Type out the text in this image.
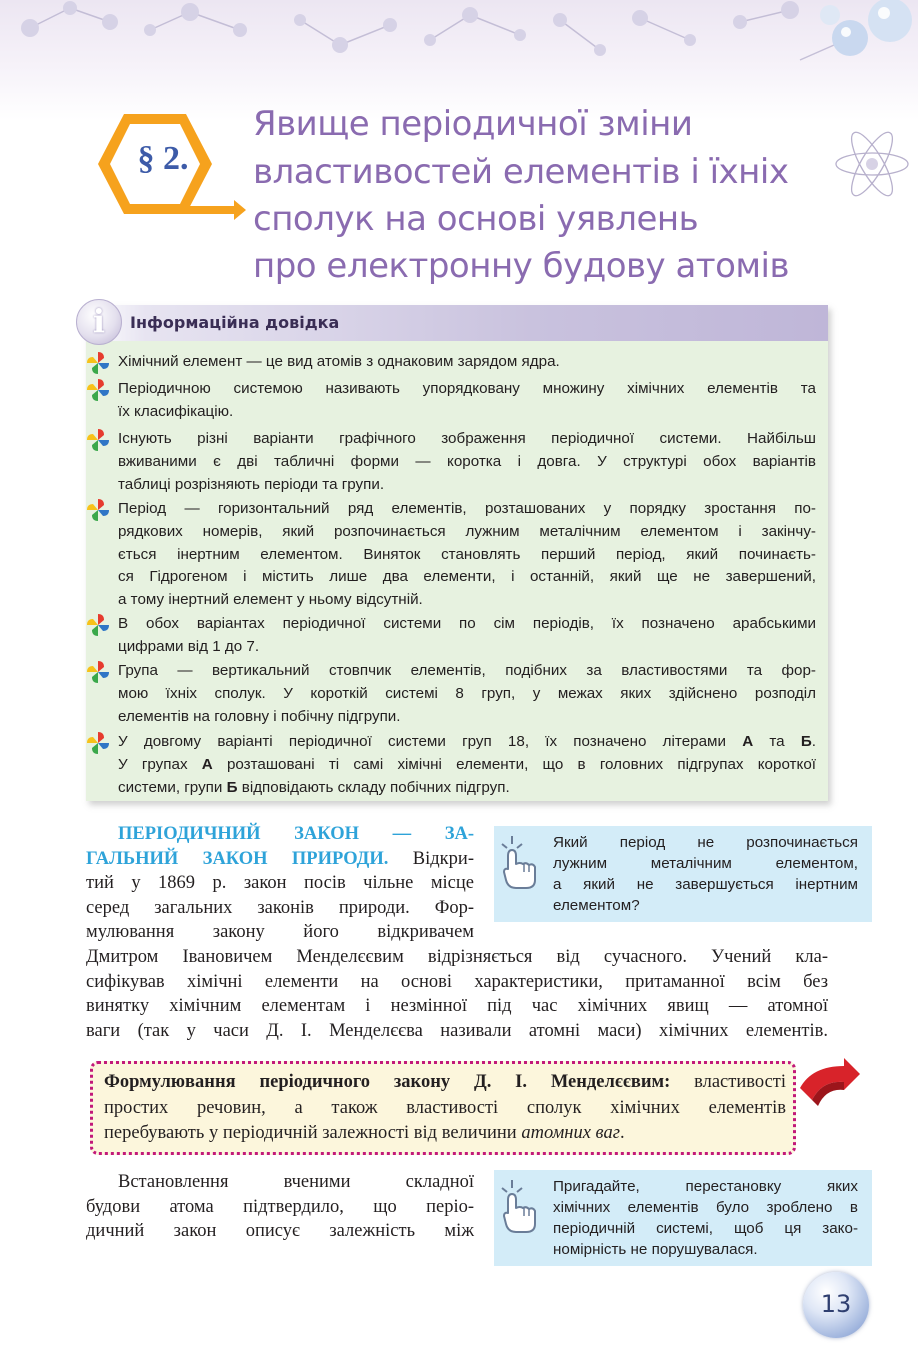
§ 2.
Явище періодичної зміни
властивостей елементів і їхніх
сполук на основі уявлень
про електронну будову атомів
Інформаційна довідка
i
Хімічний елемент — це вид атомів з однаковим зарядом ядра.
Періодичною системою називають упорядковану множину хімічних елементів та
їх класифікацію.
Існують різні варіанти графічного зображення періодичної системи. Найбільш
вживаними є дві табличні форми — коротка і довга. У структурі обох варіантів
таблиці розрізняють періоди та групи.
Період — горизонтальний ряд елементів, розташованих у порядку зростання по-
рядкових номерів, який розпочинається лужним металічним елементом і закінчу-
ється інертним елементом. Виняток становлять перший період, який починаєть-
ся Гідрогеном і містить лише два елементи, і останній, який ще не завершений,
а тому інертний елемент у ньому відсутній.
В обох варіантах періодичної системи по сім періодів, їх позначено арабськими
цифрами від 1 до 7.
Група — вертикальний стовпчик елементів, подібних за властивостями та фор-
мою їхніх сполук. У короткій системі 8 груп, у межах яких здійснено розподіл
елементів на головну і побічну підгрупи.
У довгому варіанті періодичної системи груп 18, їх позначено літерами А та Б.
У групах А розташовані ті самі хімічні елементи, що в головних підгрупах короткої
системи, групи Б відповідають складу побічних підгруп.
ПЕРІОДИЧНИЙ ЗАКОН — ЗА-
ГАЛЬНИЙ ЗАКОН ПРИРОДИ. Відкри-
тий у 1869 р. закон посів чільне місце
серед загальних законів природи. Фор-
мулювання закону його відкривачем
Дмитром Івановичем Менделєєвим відрізняється від сучасного. Учений кла-
сифікував хімічні елементи на основі характеристики, притаманної всім без
винятку хімічним елементам і незмінної під час хімічних явищ — атомної
ваги (так у часи Д. І. Менделєєва називали атомні маси) хімічних елементів.
Який період не розпочинається
лужним металічним елементом,
а який не завершується інертним
елементом?
Формулювання періодичного закону Д. І. Менделєєвим: властивості
простих речовин, а також властивості сполук хімічних елементів
перебувають у періодичній залежності від величини атомних ваг.
Встановлення вченими складної
будови атома підтвердило, що періо-
дичний закон описує залежність між
Пригадайте, перестановку яких
хімічних елементів було зроблено в
періодичній системі, щоб ця зако-
номірність не порушувалася.
13
